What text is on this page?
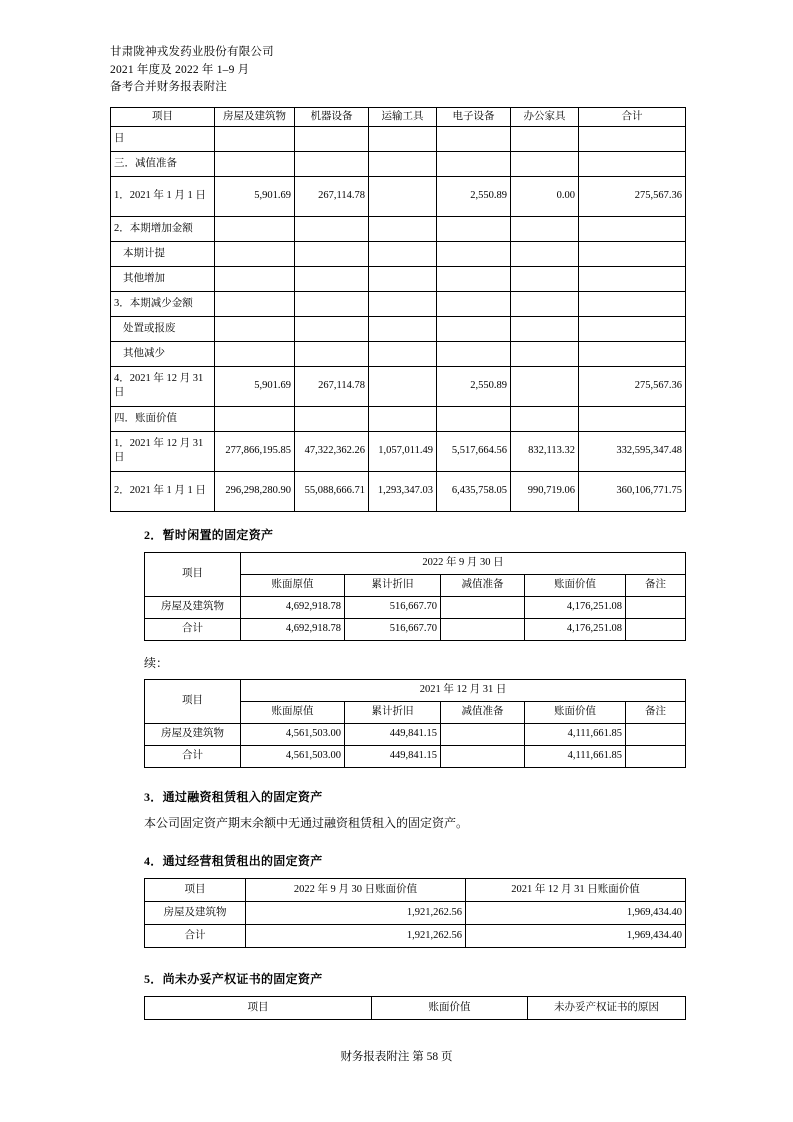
甘肃陇神戎发药业股份有限公司
2021 年度及 2022 年 1–9 月
备考合并财务报表附注
项目	房屋及建筑物	机器设备	运输工具	电子设备	办公家具	合计
日						
三．减值准备						
1．2021 年 1 月 1 日	5,901.69	267,114.78		2,550.89	0.00	275,567.36
2．本期增加金额						
本期计提						
其他增加						
3．本期减少金额						
处置或报废						
其他减少						
4．2021 年 12 月 31 日	5,901.69	267,114.78		2,550.89		275,567.36
四．账面价值						
1．2021 年 12 月 31 日	277,866,195.85	47,322,362.26	1,057,011.49	5,517,664.56	832,113.32	332,595,347.48
2．2021 年 1 月 1 日	296,298,280.90	55,088,666.71	1,293,347.03	6,435,758.05	990,719.06	360,106,771.75
2．暂时闲置的固定资产
项目	2022 年 9 月 30 日				
	账面原值	累计折旧	减值准备	账面价值	备注
房屋及建筑物	4,692,918.78	516,667.70		4,176,251.08	
合计	4,692,918.78	516,667.70		4,176,251.08	
续：
项目	2021 年 12 月 31 日				
	账面原值	累计折旧	减值准备	账面价值	备注
房屋及建筑物	4,561,503.00	449,841.15		4,111,661.85	
合计	4,561,503.00	449,841.15		4,111,661.85	
3．通过融资租赁租入的固定资产
本公司固定资产期末余额中无通过融资租赁租入的固定资产。
4．通过经营租赁租出的固定资产
项目	2022 年 9 月 30 日账面价值	2021 年 12 月 31 日账面价值
房屋及建筑物	1,921,262.56	1,969,434.40
合计	1,921,262.56	1,969,434.40
5．尚未办妥产权证书的固定资产
项目	账面价值	未办妥产权证书的原因
财务报表附注 第 58 页
